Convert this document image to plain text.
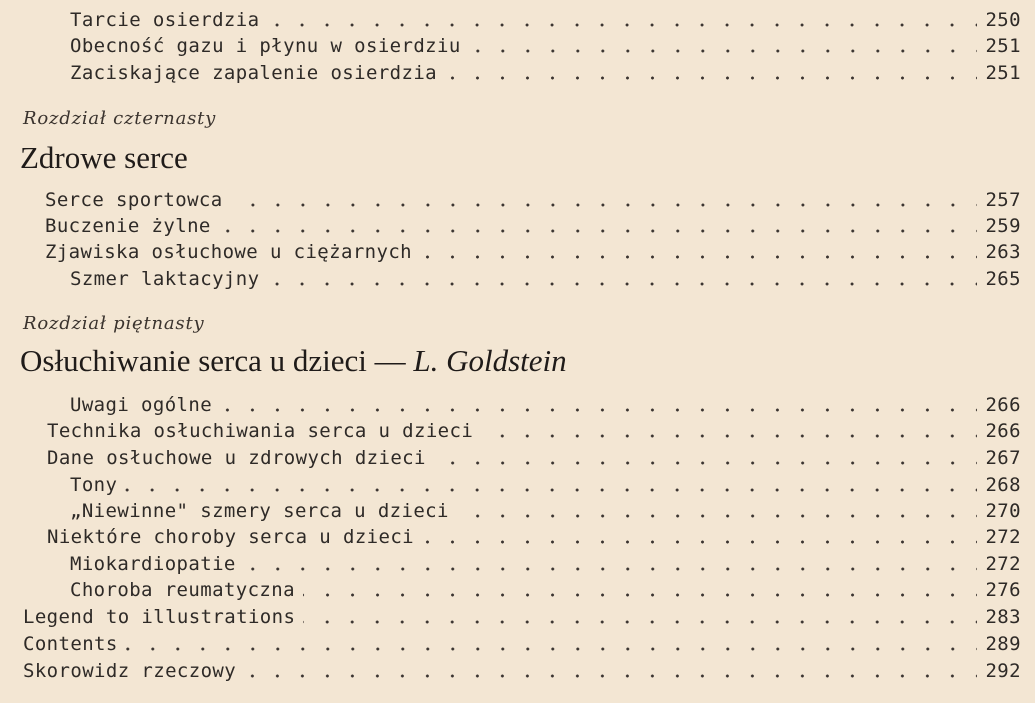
Tarcie osierdzia	250
Obecność gazu i płynu w osierdziu	251
Zaciskające zapalenie osierdzia	251
Rozdział czternasty
Zdrowe serce
Serce sportowca	257
Buczenie żylne	259
Zjawiska osłuchowe u ciężarnych	263
Szmer laktacyjny	265
Rozdział piętnasty
Osłuchiwanie serca u dzieci — L. Goldstein
Uwagi ogólne	266
Technika osłuchiwania serca u dzieci	266
Dane osłuchowe u zdrowych dzieci	267
Tony	268
„Niewinne" szmery serca u dzieci	270
Niektóre choroby serca u dzieci	272
Miokardiopatie	272
Choroba reumatyczna	276
Legend to illustrations	283
Contents	289
Skorowidz rzeczowy	292
